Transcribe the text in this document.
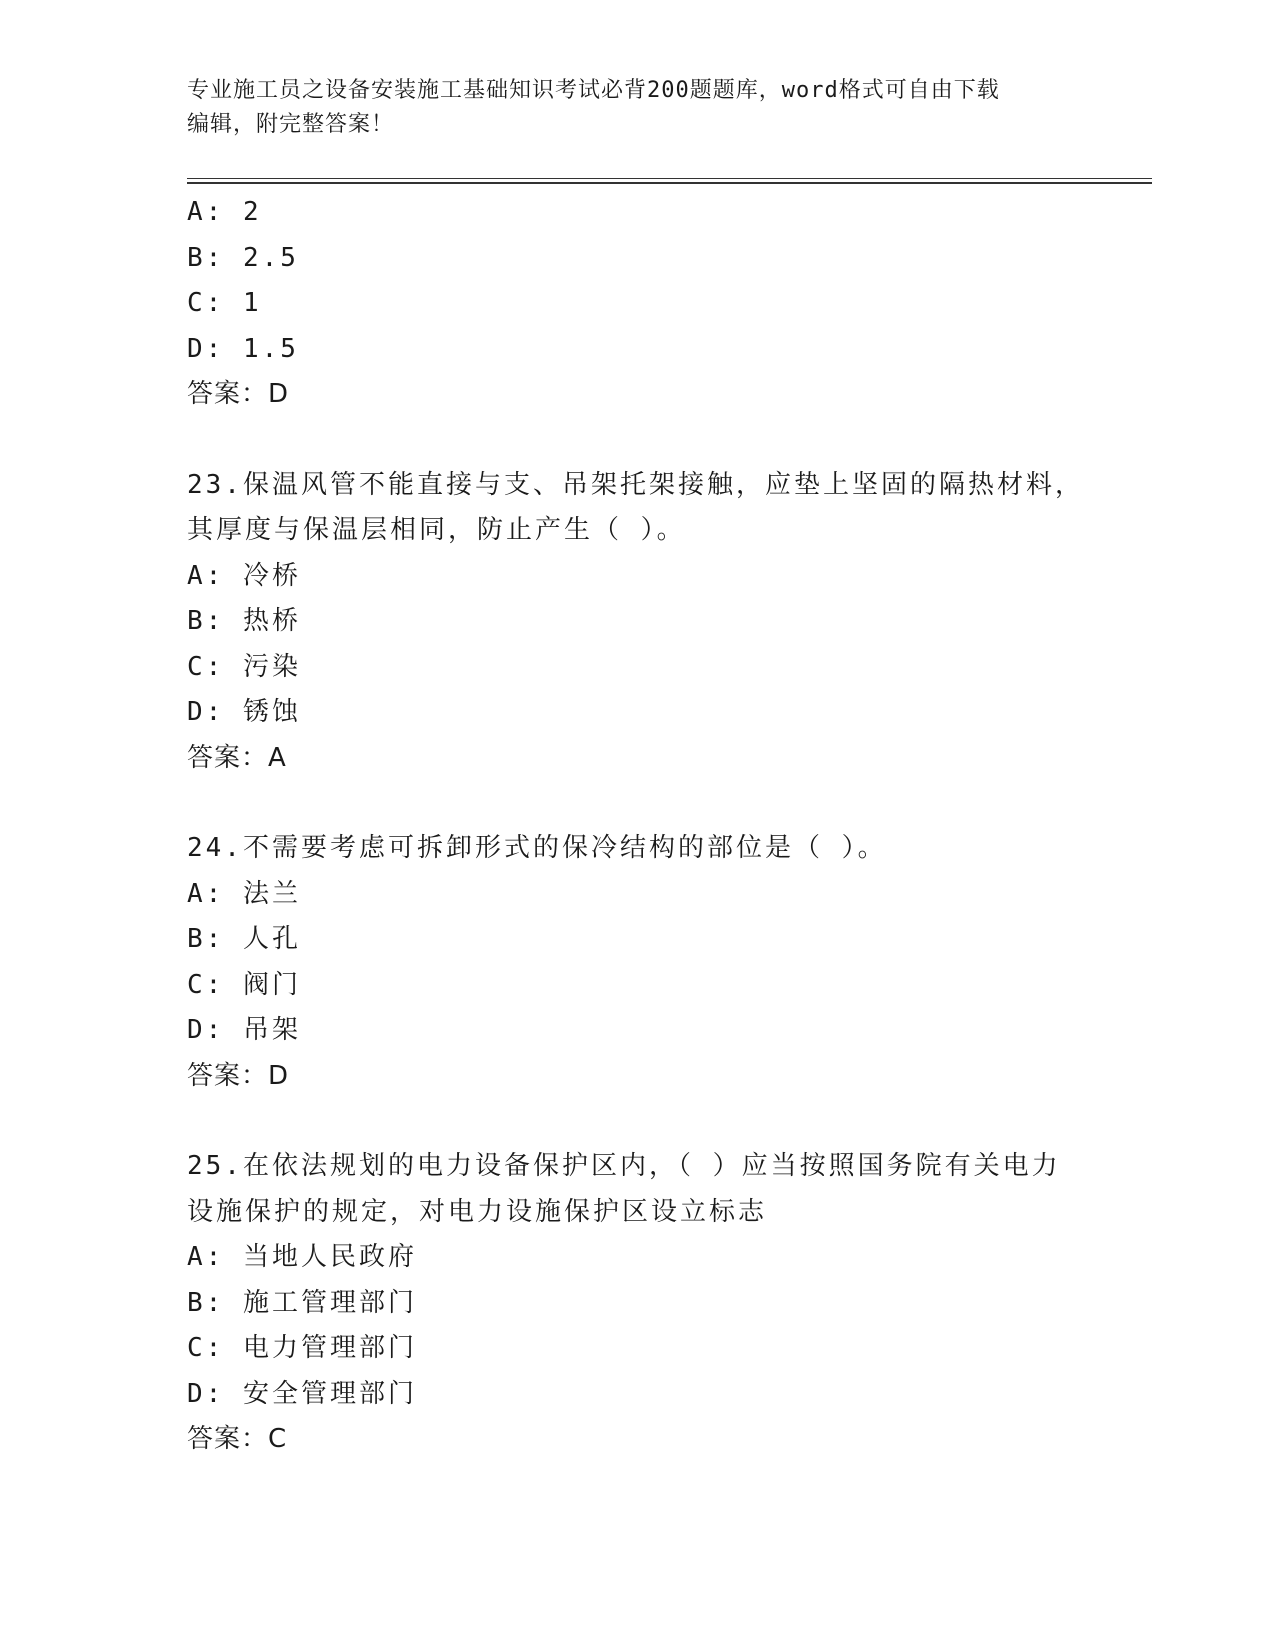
专业施工员之设备安装施工基础知识考试必背200题题库，word格式可自由下载
编辑，附完整答案！
A: 2
B: 2.5
C: 1
D: 1.5
答案：D
23.保温风管不能直接与支、吊架托架接触，应垫上坚固的隔热材料，
其厚度与保温层相同，防止产生（ ）。
A: 冷桥
B: 热桥
C: 污染
D: 锈蚀
答案：A
24.不需要考虑可拆卸形式的保冷结构的部位是（ ）。
A: 法兰
B: 人孔
C: 阀门
D: 吊架
答案：D
25.在依法规划的电力设备保护区内，（ ）应当按照国务院有关电力
设施保护的规定，对电力设施保护区设立标志
A: 当地人民政府
B: 施工管理部门
C: 电力管理部门
D: 安全管理部门
答案：C
